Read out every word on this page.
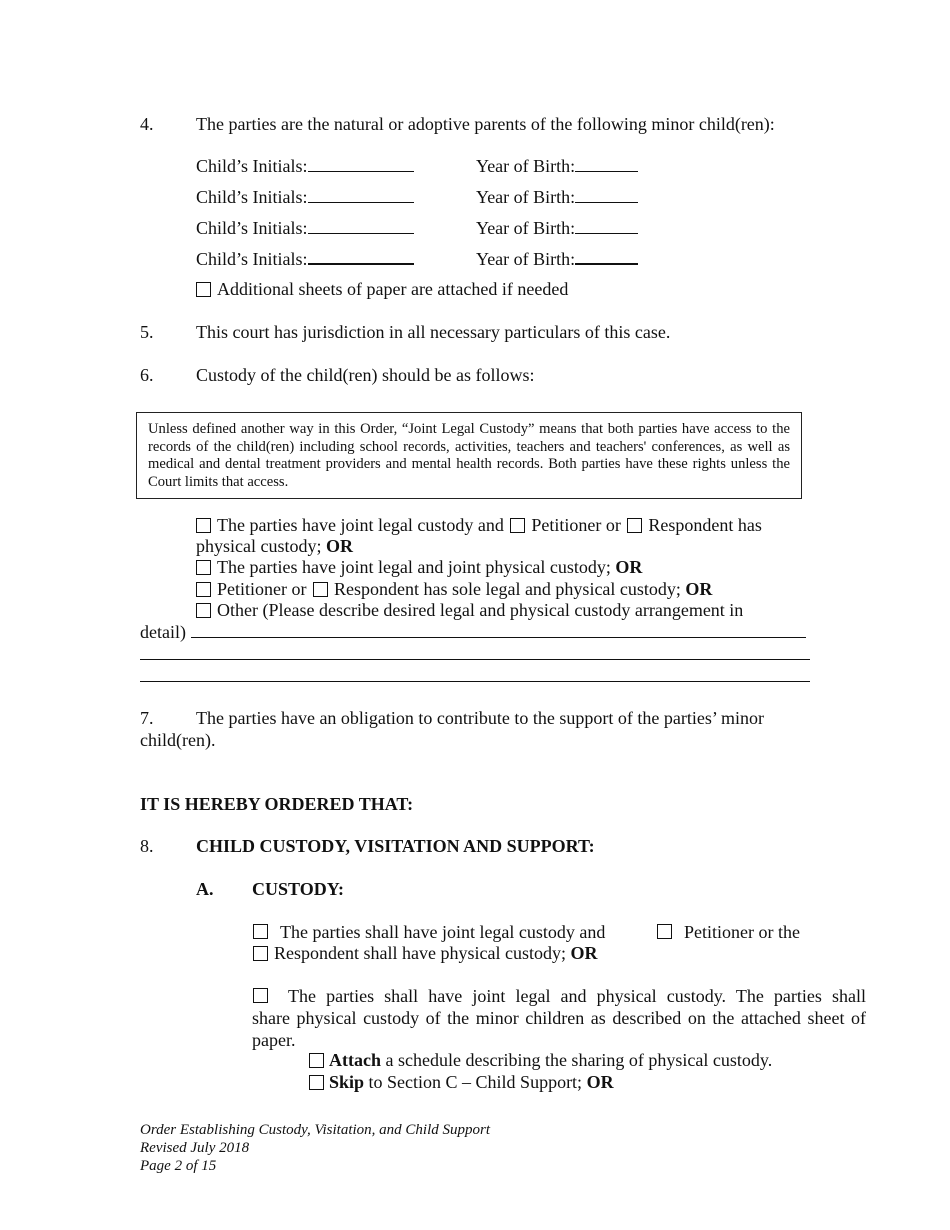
4. The parties are the natural or adoptive parents of the following minor child(ren):
Child’s Initials:	Year of Birth:
Child’s Initials:	Year of Birth:
Child’s Initials:	Year of Birth:
Child’s Initials:	Year of Birth:
Additional sheets of paper are attached if needed
5. This court has jurisdiction in all necessary particulars of this case.
6. Custody of the child(ren) should be as follows:
Unless defined another way in this Order, “Joint Legal Custody” means that both parties have access to the records of the child(ren) including school records, activities, teachers and teachers' conferences, as well as medical and dental treatment providers and mental health records. Both parties have these rights unless the Court limits that access.
The parties have joint legal custody and Petitioner or Respondent has
physical custody; OR
The parties have joint legal and joint physical custody; OR
Petitioner or Respondent has sole legal and physical custody; OR
Other (Please describe desired legal and physical custody arrangement in
detail)
7. The parties have an obligation to contribute to the support of the parties’ minor
child(ren).
IT IS HEREBY ORDERED THAT:
8. CHILD CUSTODY, VISITATION AND SUPPORT:
A. CUSTODY:
The parties shall have joint legal custody and	Petitioner or the
Respondent shall have physical custody; OR
The parties shall have joint legal and physical custody. The parties shall
share physical custody of the minor children as described on the attached sheet of
paper.
Attach a schedule describing the sharing of physical custody.
Skip to Section C – Child Support; OR
Order Establishing Custody, Visitation, and Child Support
Revised July 2018
Page 2 of 15
